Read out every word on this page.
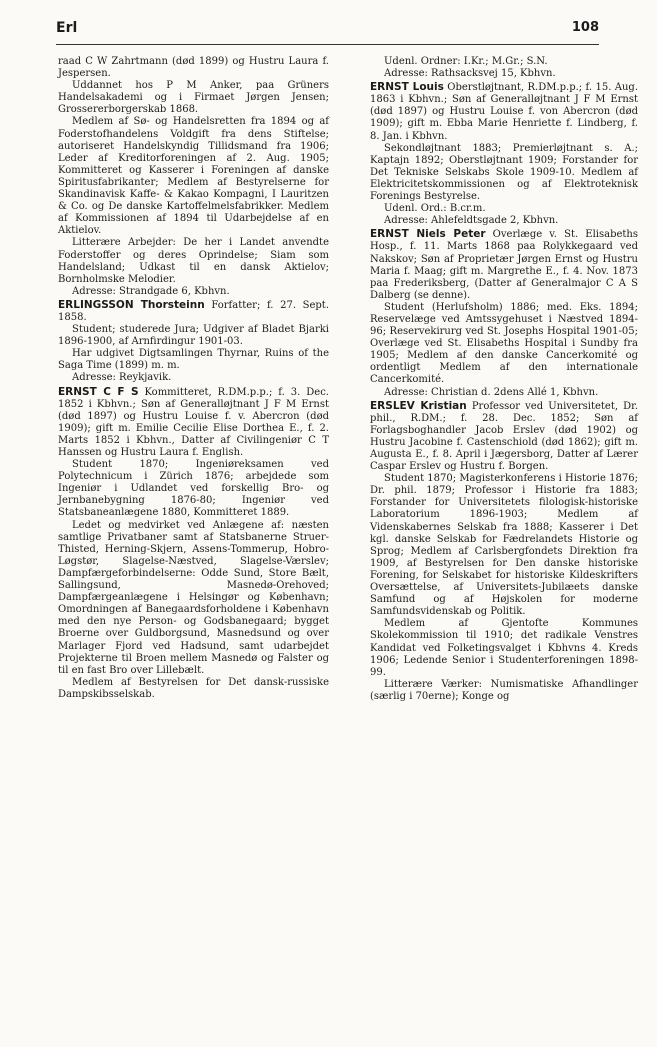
Erl	108

raad C W Zahrtmann (død 1899) og Hustru Laura f. Jespersen.

Uddannet hos P M Anker, paa Grüners Handelsakademi og i Firmaet Jørgen Jensen; Grossererborgerskab 1868.

Medlem af Sø- og Handelsretten fra 1894 og af Foderstofhandelens Voldgift fra dens Stiftelse; autoriseret Handelskyndig Tillidsmand fra 1906; Leder af Kreditorforeningen af 2. Aug. 1905; Kommitteret og Kasserer i Foreningen af danske Spiritusfabrikanter; Medlem af Bestyrelserne for Skandinavisk Kaffe- & Kakao Kompagni, I Lauritzen & Co. og De danske Kartoffelmelsfabrikker. Medlem af Kommissionen af 1894 til Udarbejdelse af en Aktielov.

Litterære Arbejder: De her i Landet anvendte Foderstoffer og deres Oprindelse; Siam som Handelsland; Udkast til en dansk Aktielov; Bornholmske Melodier.

Adresse: Strandgade 6, Kbhvn.

ERLINGSSON Thorsteinn Forfatter; f. 27. Sept. 1858.

Student; studerede Jura; Udgiver af Bladet Bjarki 1896-1900, af Arnfirdingur 1901-03.

Har udgivet Digtsamlingen Thyrnar, Ruins of the Saga Time (1899) m. m.

Adresse: Reykjavik.

ERNST C F S Kommitteret, R.DM.p.p.; f. 3. Dec. 1852 i Kbhvn.; Søn af Generalløjtnant J F M Ernst (død 1897) og Hustru Louise f. v. Abercron (død 1909); gift m. Emilie Cecilie Elise Dorthea E., f. 2. Marts 1852 i Kbhvn., Datter af Civilingeniør C T Hanssen og Hustru Laura f. English.

Student 1870; Ingeniøreksamen ved Polytechnicum i Zürich 1876; arbejdede som Ingeniør i Udlandet ved forskellig Bro- og Jernbanebygning 1876-80; Ingeniør ved Statsbaneanlægene 1880, Kommitteret 1889.

Ledet og medvirket ved Anlægene af: næsten samtlige Privatbaner samt af Statsbanerne Struer-Thisted, Herning-Skjern, Assens-Tommerup, Hobro-Løgstør, Slagelse-Næstved, Slagelse-Værslev; Dampfærgeforbindelserne: Odde Sund, Store Bælt, Sallingsund, Masnedø-Orehoved; Dampfærgeanlægene i Helsingør og København; Omordningen af Banegaardsforholdene i København med den nye Person- og Godsbanegaard; bygget Broerne over Guldborgsund, Masnedsund og over Marlager Fjord ved Hadsund, samt udarbejdet Projekterne til Broen mellem Masnedø og Falster og til en fast Bro over Lillebælt.

Medlem af Bestyrelsen for Det dansk-russiske Dampskibsselskab.

Udenl. Ordner: I.Kr.; M.Gr.; S.N.

Adresse: Rathsacksvej 15, Kbhvn.

ERNST Louis Oberstløjtnant, R.DM.p.p.; f. 15. Aug. 1863 i Kbhvn.; Søn af Generalløjtnant J F M Ernst (død 1897) og Hustru Louise f. von Abercron (død 1909); gift m. Ebba Marie Henriette f. Lindberg, f. 8. Jan. i Kbhvn.

Sekondløjtnant 1883; Premierløjtnant s. A.; Kaptajn 1892; Oberstløjtnant 1909; Forstander for Det Tekniske Selskabs Skole 1909-10. Medlem af Elektricitetskommissionen og af Elektroteknisk Forenings Bestyrelse.

Udenl. Ord.: B.cr.m.

Adresse: Ahlefeldtsgade 2, Kbhvn.

ERNST Niels Peter Overlæge v. St. Elisabeths Hosp., f. 11. Marts 1868 paa Rolykkegaard ved Nakskov; Søn af Proprietær Jørgen Ernst og Hustru Maria f. Maag; gift m. Margrethe E., f. 4. Nov. 1873 paa Frederiksberg, (Datter af Generalmajor C A S Dalberg (se denne).

Student (Herlufsholm) 1886; med. Eks. 1894; Reservelæge ved Amtssygehuset i Næstved 1894-96; Reservekirurg ved St. Josephs Hospital 1901-05; Overlæge ved St. Elisabeths Hospital i Sundby fra 1905; Medlem af den danske Cancerkomité og ordentligt Medlem af den internationale Cancerkomité.

Adresse: Christian d. 2dens Allé 1, Kbhvn.

ERSLEV Kristian Professor ved Universitetet, Dr. phil., R.DM.; f. 28. Dec. 1852; Søn af Forlagsboghandler Jacob Erslev (død 1902) og Hustru Jacobine f. Castenschiold (død 1862); gift m. Augusta E., f. 8. April i Jægersborg, Datter af Lærer Caspar Erslev og Hustru f. Borgen.

Student 1870; Magisterkonferens i Historie 1876; Dr. phil. 1879; Professor i Historie fra 1883; Forstander for Universitetets filologisk-historiske Laboratorium 1896-1903; Medlem af Videnskabernes Selskab fra 1888; Kasserer i Det kgl. danske Selskab for Fædrelandets Historie og Sprog; Medlem af Carlsbergfondets Direktion fra 1909, af Bestyrelsen for Den danske historiske Forening, for Selskabet for historiske Kildeskrifters Oversættelse, af Universitets-Jubilæets danske Samfund og af Højskolen for moderne Samfundsvidenskab og Politik.

Medlem af Gjentofte Kommunes Skolekommission til 1910; det radikale Venstres Kandidat ved Folketingsvalget i Kbhvns 4. Kreds 1906; Ledende Senior i Studenterforeningen 1898-99.

Litterære Værker: Numismatiske Afhandlinger (særlig i 70erne); Konge og
